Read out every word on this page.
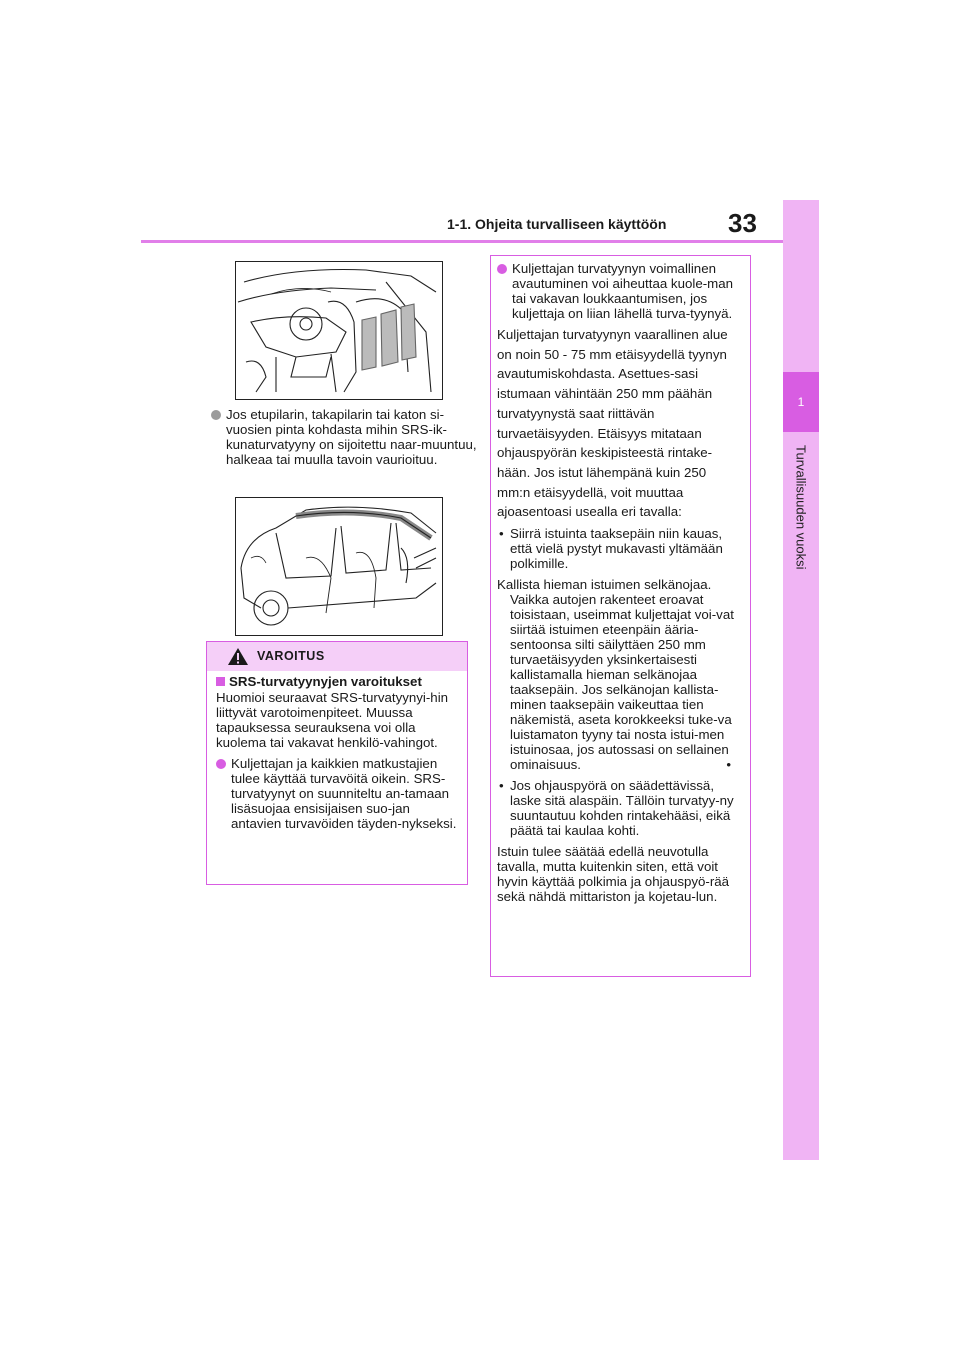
1-1. Ohjeita turvalliseen käyttöön 33
1
Turvallisuuden vuoksi
Jos etupilarin, takapilarin tai katon si-vuosien pinta kohdasta mihin SRS-ik-kunaturvatyyny on sijoitettu naar-muuntuu, halkeaa tai muulla tavoin vaurioituu.
VAROITUS
SRS-turvatyynyjen varoitukset
Huomioi seuraavat SRS-turvatyynyi-hin liittyvät varotoimenpiteet. Muussa tapauksessa seurauksena voi olla kuolema tai vakavat henkilö-vahingot.
Kuljettajan ja kaikkien matkustajien tulee käyttää turvavöitä oikein. SRS-turvatyynyt on suunniteltu an-tamaan lisäsuojaa ensisijaisen suo-jan antavien turvavöiden täyden-nykseksi.
Kuljettajan turvatyynyn voimallinen avautuminen voi aiheuttaa kuole-man tai vakavan loukkaantumisen, jos kuljettaja on liian lähellä turva-tyynyä.
Kuljettajan turvatyynyn vaarallinen alue on noin 50 - 75 mm etäisyydellä tyynyn avautumiskohdasta. Asettues-sasi istumaan vähintään 250 mm päähän turvatyynystä saat riittävän turvaetäisyyden. Etäisyys mitataan ohjauspyörän keskipisteestä rintake-hään. Jos istut lähempänä kuin 250 mm:n etäisyydellä, voit muuttaa ajoasentoasi usealla eri tavalla:
• Siirrä istuinta taaksepäin niin kauas, että vielä pystyt mukavasti yltämään polkimille.
Kallista hieman istuimen selkänojaa. Vaikka autojen rakenteet eroavat toisistaan, useimmat kuljettajat voi-vat siirtää istuimen eteenpäin ääria-sentoonsa silti säilyttäen 250 mm turvaetäisyyden yksinkertaisesti kallistamalla hieman selkänojaa taaksepäin. Jos selkänojan kallista-minen taaksepäin vaikeuttaa tien näkemistä, aseta korokkeeksi tuke-va luistamaton tyyny tai nosta istui-men istuinosaa, jos autossasi on sellainen ominaisuus.	•
• Jos ohjauspyörä on säädettävissä, laske sitä alaspäin. Tällöin turvatyy-ny suuntautuu kohden rintakehääsi, eikä päätä tai kaulaa kohti.
Istuin tulee säätää edellä neuvotulla tavalla, mutta kuitenkin siten, että voit hyvin käyttää polkimia ja ohjauspyö-rää sekä nähdä mittariston ja kojetau-lun.
